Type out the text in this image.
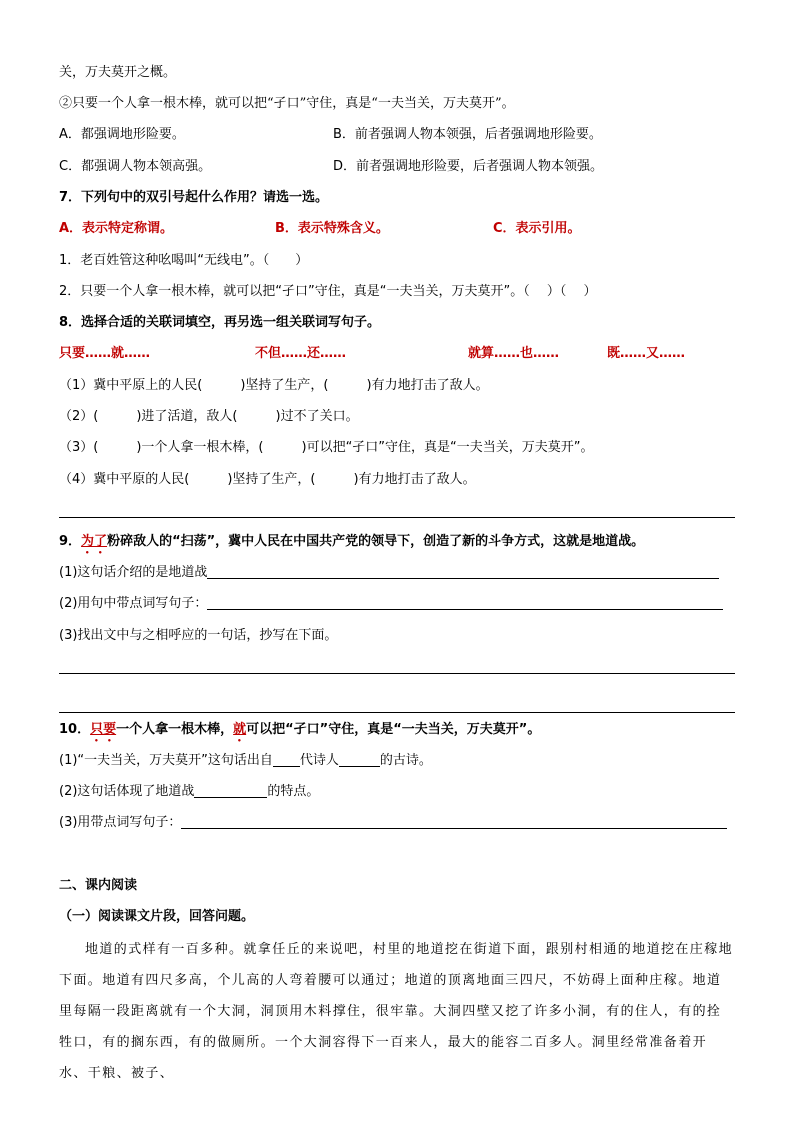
关，万夫莫开之概。
②只要一个人拿一根木棒，就可以把“孑口”守住，真是“一夫当关，万夫莫开”。
A．都强调地形险要。	B．前者强调人物本领强，后者强调地形险要。
C．都强调人物本领高强。	D．前者强调地形险要，后者强调人物本领强。
7．下列句中的双引号起什么作用？请选一选。
A．表示特定称谓。	B．表示特殊含义。	C．表示引用。
1．老百姓管这种吆喝叫“无线电”。（　　）
2．只要一个人拿一根木棒，就可以把“孑口”守住，真是“一夫当关，万夫莫开”。（　 ）（　 ）
8．选择合适的关联词填空，再另选一组关联词写句子。
只要……就……	不但……还……	就算……也……	既……又……
（1）冀中平原上的人民(	)坚持了生产，(	)有力地打击了敌人。
（2）(	)进了活道，敌人(	)过不了关口。
（3）(	)一个人拿一根木棒，(	)可以把“孑口”守住，真是“一夫当关，万夫莫开”。
（4）冀中平原的人民(	)坚持了生产，(	)有力地打击了敌人。
9．为了粉碎敌人的“扫荡”，冀中人民在中国共产党的领导下，创造了新的斗争方式，这就是地道战。
(1)这句话介绍的是地道战
(2)用句中带点词写句子：
(3)找出文中与之相呼应的一句话，抄写在下面。
10．只要一个人拿一根木棒，就可以把“孑口”守住，真是“一夫当关，万夫莫开”。
(1)“一夫当关，万夫莫开”这句话出自 代诗人	的古诗。
(2)这句话体现了地道战	的特点。
(3)用带点词写句子：
二、课内阅读
（一）阅读课文片段，回答问题。
地道的式样有一百多种。就拿任丘的来说吧，村里的地道挖在街道下面，跟别村相通的地道挖在庄稼地下面。地道有四尺多高，个儿高的人弯着腰可以通过；地道的顶离地面三四尺，不妨碍上面种庄稼。地道里每隔一段距离就有一个大洞，洞顶用木料撑住，很牢靠。大洞四壁又挖了许多小洞，有的住人，有的拴牲口，有的搁东西，有的做厕所。一个大洞容得下一百来人，最大的能容二百多人。洞里经常准备着开水、干粮、被子、
